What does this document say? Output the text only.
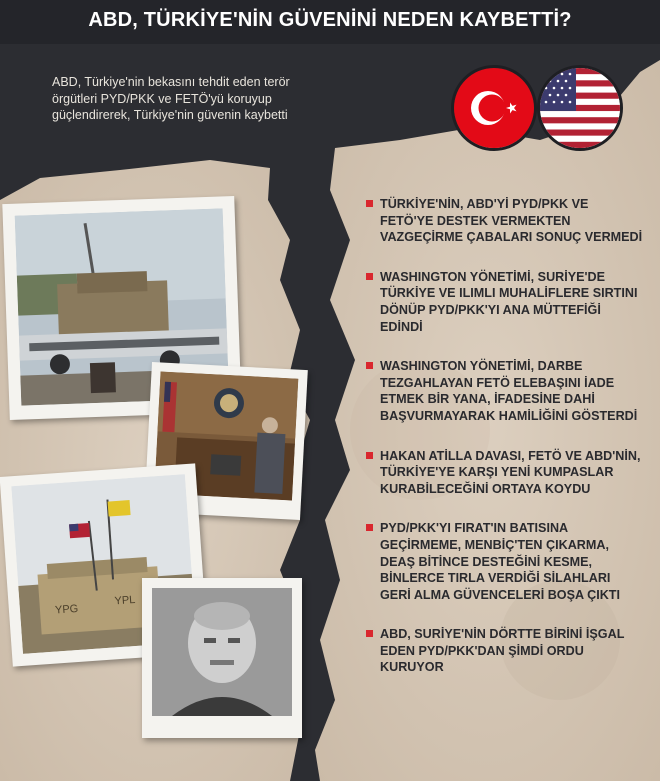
ABD, TÜRKİYE'NİN GÜVENİNİ NEDEN KAYBETTİ?
ABD, Türkiye'nin bekasını tehdit eden terör örgütleri PYD/PKK ve FETÖ'yü koruyup güçlendirerek, Türkiye'nin güvenin kaybetti
YPG
YPL
TÜRKİYE'NİN, ABD'Yİ PYD/PKK VE FETÖ'YE DESTEK VERMEKTEN VAZGEÇİRME ÇABALARI SONUÇ VERMEDİ
WASHINGTON YÖNETİMİ, SURİYE'DE TÜRKİYE VE ILIMLI MUHALİFLERE SIRTINI DÖNÜP PYD/PKK'YI ANA MÜTTEFİĞİ EDİNDİ
WASHINGTON YÖNETİMİ, DARBE TEZGAHLAYAN FETÖ ELEBAŞINI İADE ETMEK BİR YANA, İFADESİNE DAHİ BAŞVURMAYARAK HAMİLİĞİNİ GÖSTERDİ
HAKAN ATİLLA DAVASI, FETÖ VE ABD'NİN, TÜRKİYE'YE KARŞI YENİ KUMPASLAR KURABİLECEĞİNİ ORTAYA KOYDU
PYD/PKK'YI FIRAT'IN BATISINA GEÇİRMEME, MENBİÇ'TEN ÇIKARMA, DEAŞ BİTİNCE DESTEĞİNİ KESME, BİNLERCE TIRLA VERDİĞİ SİLAHLARI GERİ ALMA GÜVENCELERİ BOŞA ÇIKTI
ABD, SURİYE'NİN DÖRTTE BİRİNİ İŞGAL EDEN PYD/PKK'DAN ŞİMDİ ORDU KURUYOR
